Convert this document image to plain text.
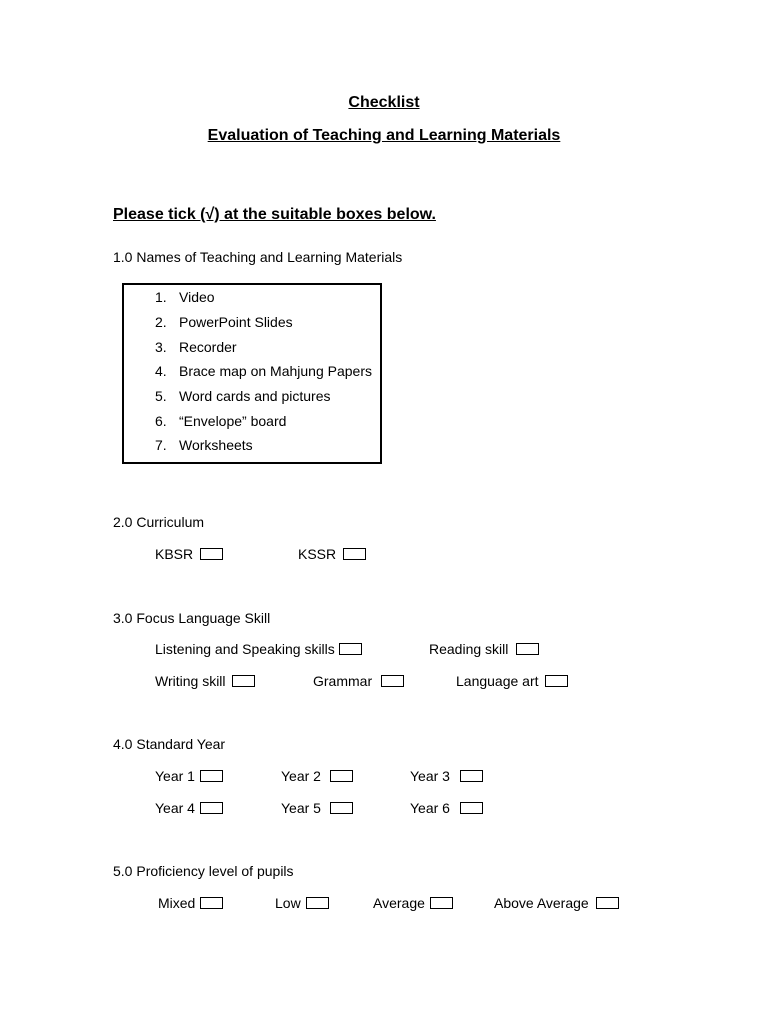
Checklist
Evaluation of Teaching and Learning Materials
Please tick (√) at the suitable boxes below.
1.0 Names of Teaching and Learning Materials
1. Video
2. PowerPoint Slides
3. Recorder
4. Brace map on Mahjung Papers
5. Word cards and pictures
6. “Envelope” board
7. Worksheets
2.0 Curriculum
KBSR	KSSR
3.0 Focus Language Skill
Listening and Speaking skills	Reading skill
Writing skill	Grammar	Language art
4.0 Standard Year
Year 1	Year 2	Year 3
Year 4	Year 5	Year 6
5.0 Proficiency level of pupils
Mixed	Low	Average	Above Average
